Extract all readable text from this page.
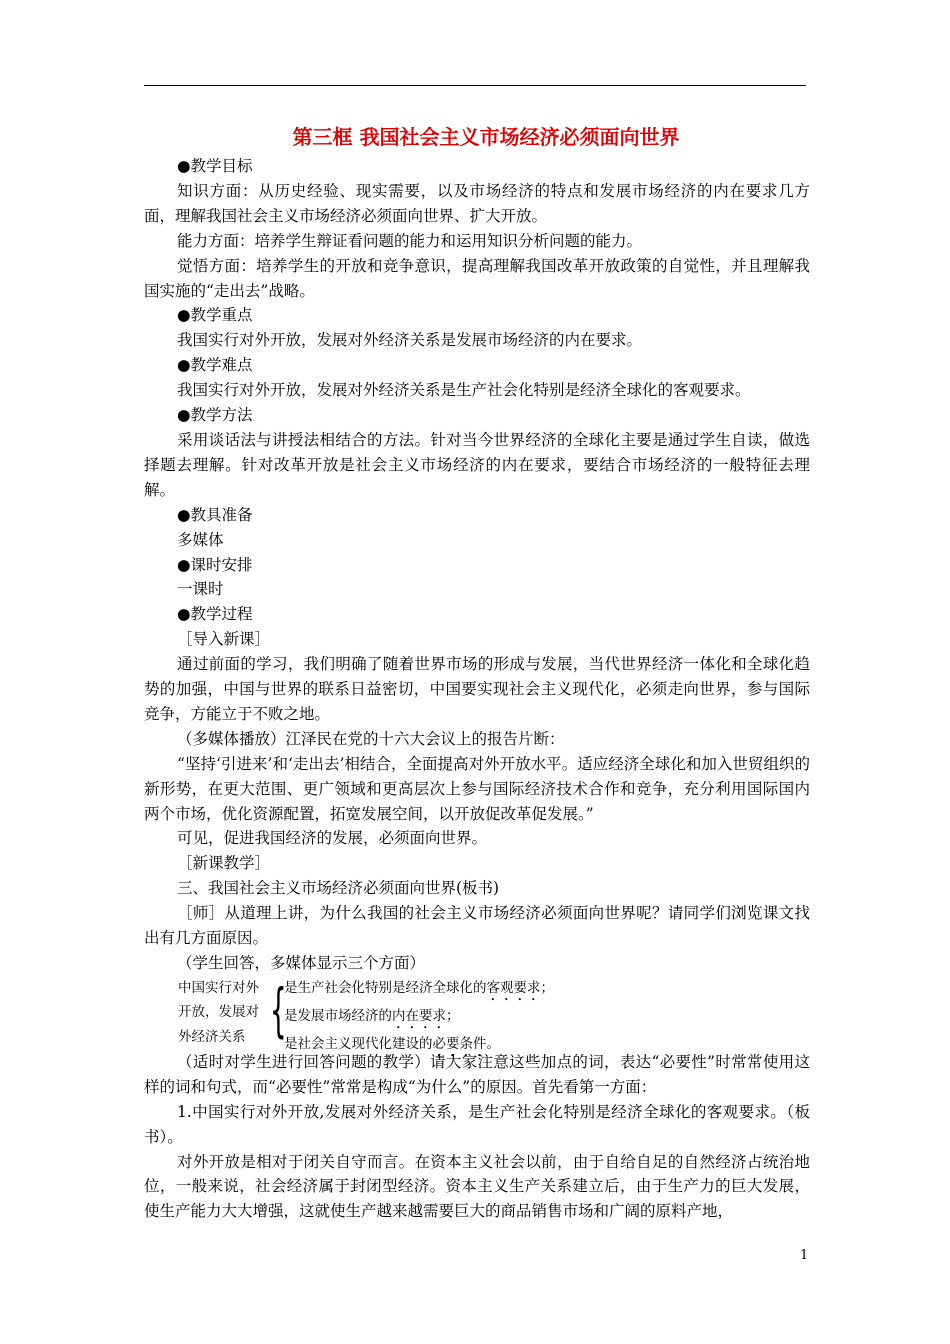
第三框 我国社会主义市场经济必须面向世界

●教学目标

知识方面：从历史经验、现实需要，以及市场经济的特点和发展市场经济的内在要求几方面，理解我国社会主义市场经济必须面向世界、扩大开放。

能力方面：培养学生辩证看问题的能力和运用知识分析问题的能力。

觉悟方面：培养学生的开放和竞争意识，提高理解我国改革开放政策的自觉性，并且理解我国实施的“走出去”战略。

●教学重点

我国实行对外开放，发展对外经济关系是发展市场经济的内在要求。

●教学难点

我国实行对外开放，发展对外经济关系是生产社会化特别是经济全球化的客观要求。

●教学方法

采用谈话法与讲授法相结合的方法。针对当今世界经济的全球化主要是通过学生自读，做选择题去理解。针对改革开放是社会主义市场经济的内在要求，要结合市场经济的一般特征去理解。

●教具准备

多媒体

●课时安排

一课时

●教学过程

［导入新课］

通过前面的学习，我们明确了随着世界市场的形成与发展，当代世界经济一体化和全球化趋势的加强，中国与世界的联系日益密切，中国要实现社会主义现代化，必须走向世界，参与国际竞争，方能立于不败之地。

（多媒体播放）江泽民在党的十六大会议上的报告片断：

“坚持‘引进来’和‘走出去’相结合，全面提高对外开放水平。适应经济全球化和加入世贸组织的新形势，在更大范围、更广领域和更高层次上参与国际经济技术合作和竞争，充分利用国际国内两个市场，优化资源配置，拓宽发展空间，以开放促改革促发展。”

可见，促进我国经济的发展，必须面向世界。

［新课教学］

三、我国社会主义市场经济必须面向世界(板书)

［师］从道理上讲，为什么我国的社会主义市场经济必须面向世界呢？请同学们浏览课文找出有几方面原因。

（学生回答，多媒体显示三个方面）

中国实行对外
开放，发展对
外经济关系 {
是生产社会化特别是经济全球化的客观要求；
是发展市场经济的内在要求；
是社会主义现代化建设的必要条件。

（适时对学生进行回答问题的教学）请大家注意这些加点的词，表达“必要性”时常常使用这样的词和句式，而“必要性”常常是构成“为什么”的原因。首先看第一方面：

1.中国实行对外开放,发展对外经济关系，是生产社会化特别是经济全球化的客观要求。（板书）。

对外开放是相对于闭关自守而言。在资本主义社会以前，由于自给自足的自然经济占统治地位，一般来说，社会经济属于封闭型经济。资本主义生产关系建立后，由于生产力的巨大发展，使生产能力大大增强，这就使生产越来越需要巨大的商品销售市场和广阔的原料产地，

1
